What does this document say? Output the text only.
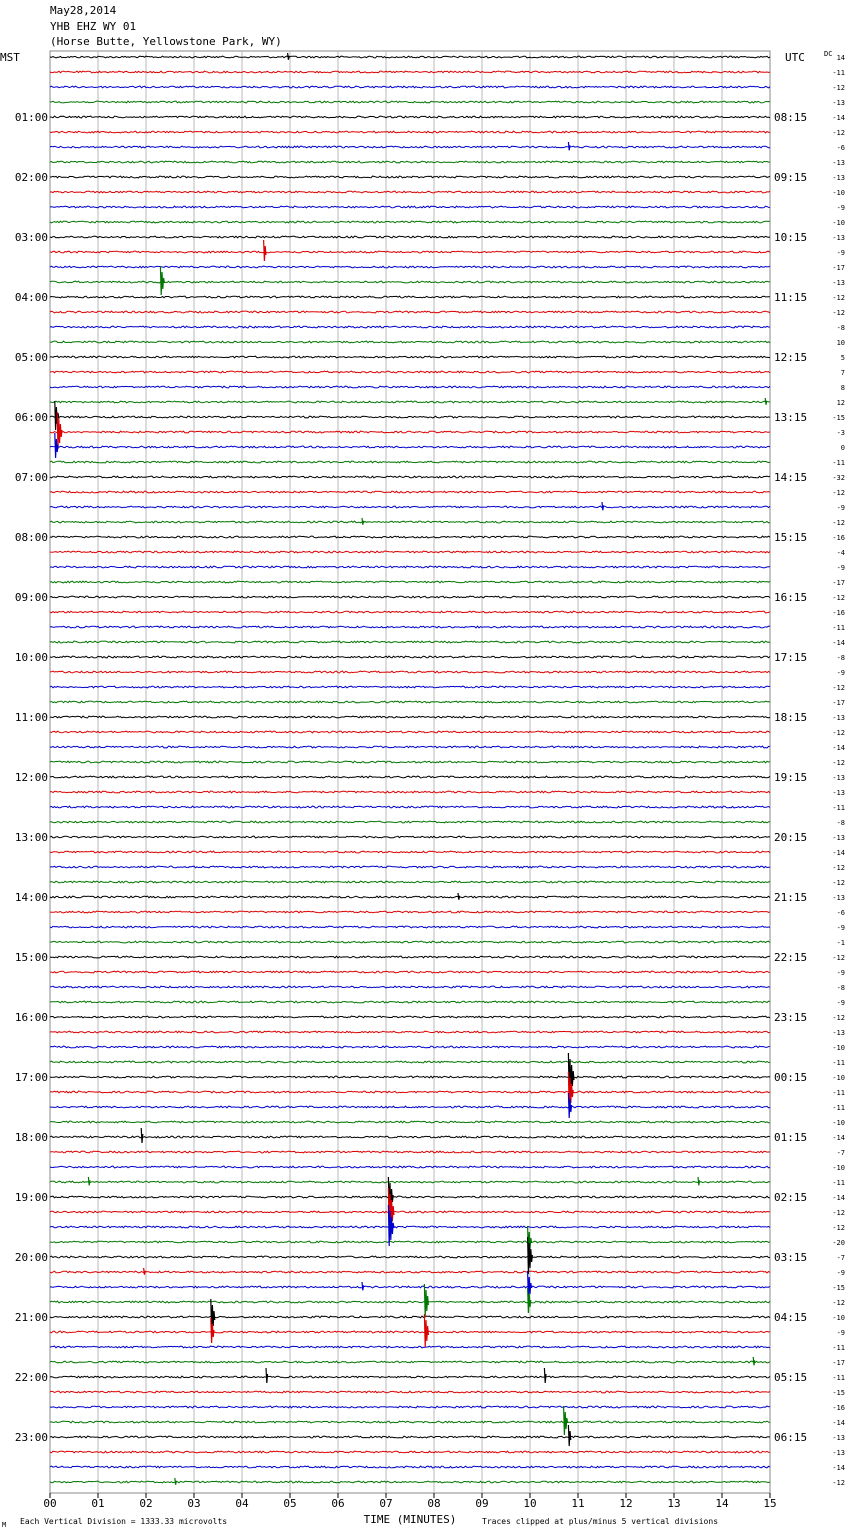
May28,2014
YHB EHZ WY 01
(Horse Butte, Yellowstone Park, WY)
MST	UTC	DC
01:00	08:15
02:00	09:15
03:00	10:15
04:00	11:15
05:00	12:15
06:00	13:15
07:00	14:15
08:00	15:15
09:00	16:15
10:00	17:15
11:00	18:15
12:00	19:15
13:00	20:15
14:00	21:15
15:00	22:15
16:00	23:15
17:00	00:15
18:00	01:15
19:00	02:15
20:00	03:15
21:00	04:15
22:00	05:15
23:00	06:15
14
-11
-12
-13
-14
-12
-6
-13
-13
-10
-9
-10
-13
-9
-17
-13
-12
-12
-8
10
5
7
8
12
-15
-3
0
-11
-32
-12
-9
-12
-16
-4
-9
-17
-12
-16
-11
-14
-8
-9
-12
-17
-13
-12
-14
-12
-13
-13
-11
-8
-13
-14
-12
-12
-13
-6
-9
-1
-12
-9
-8
-9
-12
-13
-10
-11
-10
-11
-11
-10
-14
-7
-10
-11
-14
-12
-12
-20
-7
-9
-15
-12
-10
-9
-11
-17
-11
-15
-16
-14
-13
-13
-14
-12
00	01	02	03	04	05	06	07	08	09	10	11	12	13	14	15
TIME (MINUTES)
Each Vertical Division = 1333.33 microvolts	Traces clipped at plus/minus 5 vertical divisions
M
